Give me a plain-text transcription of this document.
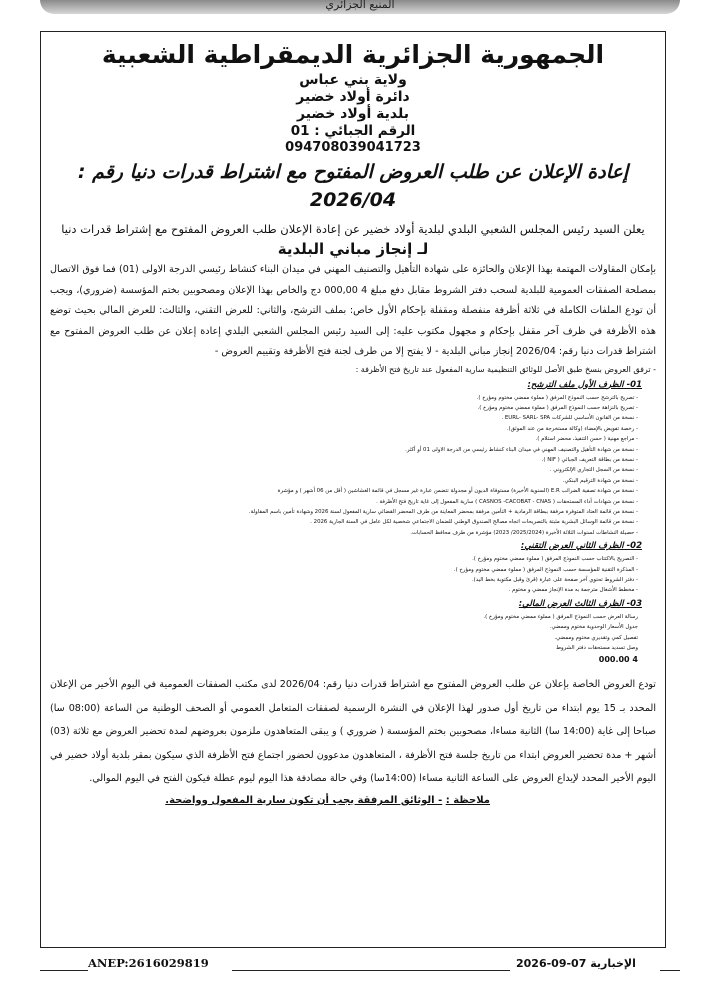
المنبع الجزائري
الجمهورية الجزائرية الديمقراطية الشعبية
ولاية بني عباس
دائرة أولاد خضير
بلدية أولاد خضير
الرقم الجبائي : 01
094708039041723
إعادة الإعلان عن طلب العروض المفتوح مع اشتراط قدرات دنيا رقم : 2026/04
يعلن السيد رئيس المجلس الشعبي البلدي لبلدية أولاد خضير عن إعادة الإعلان طلب العروض المفتوح مع إشتراط قدرات دنيا
لـ إنجاز مباني البلدية
بإمكان المقاولات المهتمة بهذا الإعلان والحائزة على شهادة التأهيل والتصنيف المهني في ميدان البناء كنشاط رئيسي الدرجة الاولى (01) فما فوق الاتصال بمصلحة الصفقات العمومية للبلدية لسحب دفتر الشروط مقابل دفع مبلغ 4 000,00 دج والخاص بهذا الإعلان ومصحوبين بختم المؤسسة (ضروري)، ويجب أن تودع الملفات الكاملة في ثلاثة أظرفة منفصلة ومقفلة بإحكام الأول خاص: بملف الترشح، والثاني: للعرض التقني، والثالث: للعرض المالي بحيث توضع هذه الأظرفة في ظرف آخر مقفل بإحكام و مجهول مكتوب عليه: إلى السيد رئيس المجلس الشعبي البلدي إعادة إعلان عن طلب العروض المفتوح مع اشتراط قدرات دنيا رقم: 2026/04 إنجاز مباني البلدية - لا يفتح إلا من طرف لجنة فتح الأظرفة وتقييم العروض -
- ترفق العروض بنسخ طبق الأصل للوثائق التنظيمية سارية المفعول عند تاريخ فتح الأظرفة :
01- الظرف الأول ملف الترشح:
- تصريح بالترشح حسب النموذج المرفق ( مملوء ممضي مختوم ومؤرخ ).
- تصريح بالنزاهة حسب النموذج المرفق ( مملوء ممضي مختوم ومؤرخ ).
- نسخة من القانون الأساسي للشركات EURL- SARL- SPA .
- رخصة تفويض بالإمضاء (وكالة مستخرجة من عند الموثق).
- مراجع مهنية ( حسن التنفيذ، محضر استلام ).
- نسخة من شهادة التأهيل والتصنيف المهني في ميدان البناء كنشاط رئيسي من الدرجة الاولى 01 أو أكثر.
- نسخة من بطاقة التعريف الجبائي ( NIF ).
- نسخة من السجل التجاري الإلكتروني .
- نسخة من شهادة الترقيم البنكي.
- نسخة من شهادة تصفية الضرائب E.R (السنوية الأخيرة) مستوفاة الديون أو مجدولة تتضمن عبارة غير مسجل في قائمة الغشاشين ( أقل من 06 أشهر ) و مؤشرة
- نسخة من شهادات أداء المستحقات ( CASNOS -CACOBAT - CNAS ) سارية المفعول إلى غاية تاريخ فتح الأظرفة .
- نسخة من قائمة العتاد المتوفرة مرفقة ببطاقة الرمادية + التأمين مرفقة بمحضر المعاينة من طرف المحضر القضائي سارية المفعول لسنة 2026 وشهادة تأمين باسم المقاولة.
- نسخة من قائمة الوسائل البشرية مثبتة بالتصريحات اتجاه مصالح الصندوق الوطني للضمان الاجتماعي شخصية لكل عامل في السنة الجارية 2026 .
- حصيلة النشاطات لسنوات الثلاثة الأخيرة (2025/2024/ 2023) مؤشرة من طرف محافظ الحسابات.
02- الظرف الثاني العرض التقني:
- التصريح بالاكتتاب حسب النموذج المرفق ( مملوء ممضي مختوم ومؤرخ ).
- المذكرة التقنية للمؤسسة حسب النموذج المرفق ( مملوء ممضي مختوم ومؤرخ ).
- دفتر الشروط تحتوي آخر صفحة على عبارة (قرئ وقبل مكتوبة بخط اليد).
- مخطط الأشغال مترجمة به مدة الإنجاز ممضي و مختوم .
03- الظرف الثالث العرض المالي:
رسالة العرض حسب النموذج المرفق ( مملوء ممضي مختوم ومؤرخ ).
جدول الأسعار الوحدوية مختوم وممضي.
تفصيل كمي وتقديري مختوم وممضي.
وصل تسديد مستحقات دفتر الشروط
4 000.00
تودع العروض الخاصة بإعلان عن طلب العروض المفتوح مع اشتراط قدرات دنيا رقم: 2026/04 لدى مكتب الصفقات العمومية في اليوم الأخير من الإعلان المحدد بـ 15 يوم ابتداء من تاريخ أول صدور لهذا الإعلان في النشرة الرسمية لصفقات المتعامل العمومي أو الصحف الوطنية من الساعة (08:00 سا) صباحا إلى غاية (14:00 سا) الثانية مساءا، مصحوبين بختم المؤسسة ( ضروري ) و يبقى المتعاهدون ملزمون بعروضهم لمدة تحضير العروض مع ثلاثة (03) أشهر + مدة تحضير العروض ابتداء من تاريخ جلسة فتح الأظرفة ، المتعاهدون مدعوون لحضور اجتماع فتح الأظرفة الذي سيكون بمقر بلدية أولاد خضير في اليوم الأخير المحدد لإيداع العروض على الساعة الثانية مساءا (14:00سا) وفي حالة مصادفة هذا اليوم ليوم عطلة فيكون الفتح في اليوم الموالي.
ملاحظة : - الوثائق المرفقة يجب أن تكون سارية المفعول وواضحة.
ANEP:2616029819	الإخبارية 2026-09-07
